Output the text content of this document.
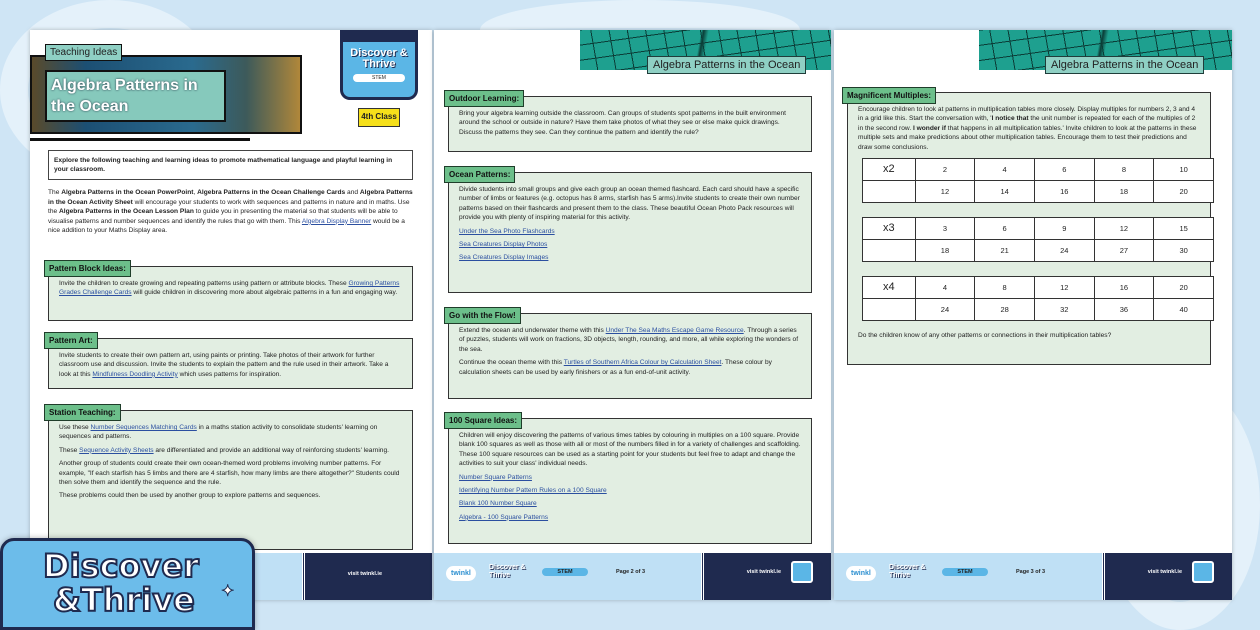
Teaching Ideas
Algebra Patterns in the Ocean
Discover & Thrive
STEM
4th Class
Explore the following teaching and learning ideas to promote mathematical language and playful learning in your classroom.
The Algebra Patterns in the Ocean PowerPoint, Algebra Patterns in the Ocean Challenge Cards and Algebra Patterns in the Ocean Activity Sheet will encourage your students to work with sequences and patterns in nature and in maths. Use the Algebra Patterns in the Ocean Lesson Plan to guide you in presenting the material so that students will be able to visualise patterns and number sequences and identify the rules that go with them. This Algebra Display Banner would be a nice addition to your Maths Display area.

Invite the children to create growing and repeating patterns using pattern or attribute blocks. These Growing Patterns Grades Challenge Cards will guide children in discovering more about algebraic patterns in a fun and engaging way.

Pattern Block Ideas:

Invite students to create their own pattern art, using paints or printing. Take photos of their artwork for further classroom use and discussion. Invite the students to explain the pattern and the rule used in their artwork. Take a look at this Mindfulness Doodling Activity which uses patterns for inspiration.

Pattern Art:

Use these Number Sequences Matching Cards in a maths station activity to consolidate students' learning on sequences and patterns.

These Sequence Activity Sheets are differentiated and provide an additional way of reinforcing students' learning.

Another group of students could create their own ocean-themed word problems involving number patterns. For example, "If each starfish has 5 limbs and there are 4 starfish, how many limbs are there altogether?" Students could then solve them and identify the sequence and the rule.

These problems could then be used by another group to explore patterns and sequences.

Station Teaching:
visit twinkl.ie
Algebra Patterns in the Ocean

Bring your algebra learning outside the classroom. Can groups of students spot patterns in the built environment around the school or outside in nature? Have them take photos of what they see or else make quick drawings. Discuss the patterns they see. Can they continue the pattern and identify the rule?

Outdoor Learning:

Divide students into small groups and give each group an ocean themed flashcard. Each card should have a specific number of limbs or features (e.g. octopus has 8 arms, starfish has 5 arms).Invite students to create their own number patterns based on their flashcards and present them to the class. These beautiful Ocean Photo Pack resources will provide you with plenty of inspiring material for this activity.

Under the Sea Photo Flashcards

Sea Creatures Display Photos

Sea Creatures Display Images

Ocean Patterns:

Extend the ocean and underwater theme with this Under The Sea Maths Escape Game Resource. Through a series of puzzles, students will work on fractions, 3D objects, length, rounding, and more, all while exploring the wonders of the sea.

Continue the ocean theme with this Turtles of Southern Africa Colour by Calculation Sheet. These colour by calculation sheets can be used by early finishers or as a fun end-of-unit activity.

Go with the Flow!

Children will enjoy discovering the patterns of various times tables by colouring in multiples on a 100 square. Provide blank 100 squares as well as those with all or most of the numbers filled in for a variety of challenges and scaffolding. These 100 square resources can be used as a starting point for your students but feel free to adapt and change the activities to suit your class' individual needs.

Number Square Patterns

Identifying Number Pattern Rules on a 100 Square

Blank 100 Number Square

Algebra - 100 Square Patterns

100 Square Ideas:
twinkl
Discover & Thrive	STEM	Page 2 of 3	visit twinkl.ie
Algebra Patterns in the Ocean
Encourage children to look at patterns in multiplication tables more closely. Display multiples for numbers 2, 3 and 4 in a grid like this. Start the conversation with, 'I notice that the unit number is repeated for each of the multiples of 2 in the second row. I wonder if that happens in all multiplication tables.' Invite children to look at the patterns in these multiple sets and make predictions about other multiplication tables. Encourage them to test their predictions and draw some conclusions.
x2	2	4	6	8	10
	12	14	16	18	20
x3	3	6	9	12	15
	18	21	24	27	30
x4	4	8	12	16	20
	24	28	32	36	40

Do the children know of any other patterns or connections in their multiplication tables?

Magnificent Multiples:
twinkl
Discover & Thrive	STEM	Page 3 of 3	visit twinkl.ie
Discover
&Thrive ✦
